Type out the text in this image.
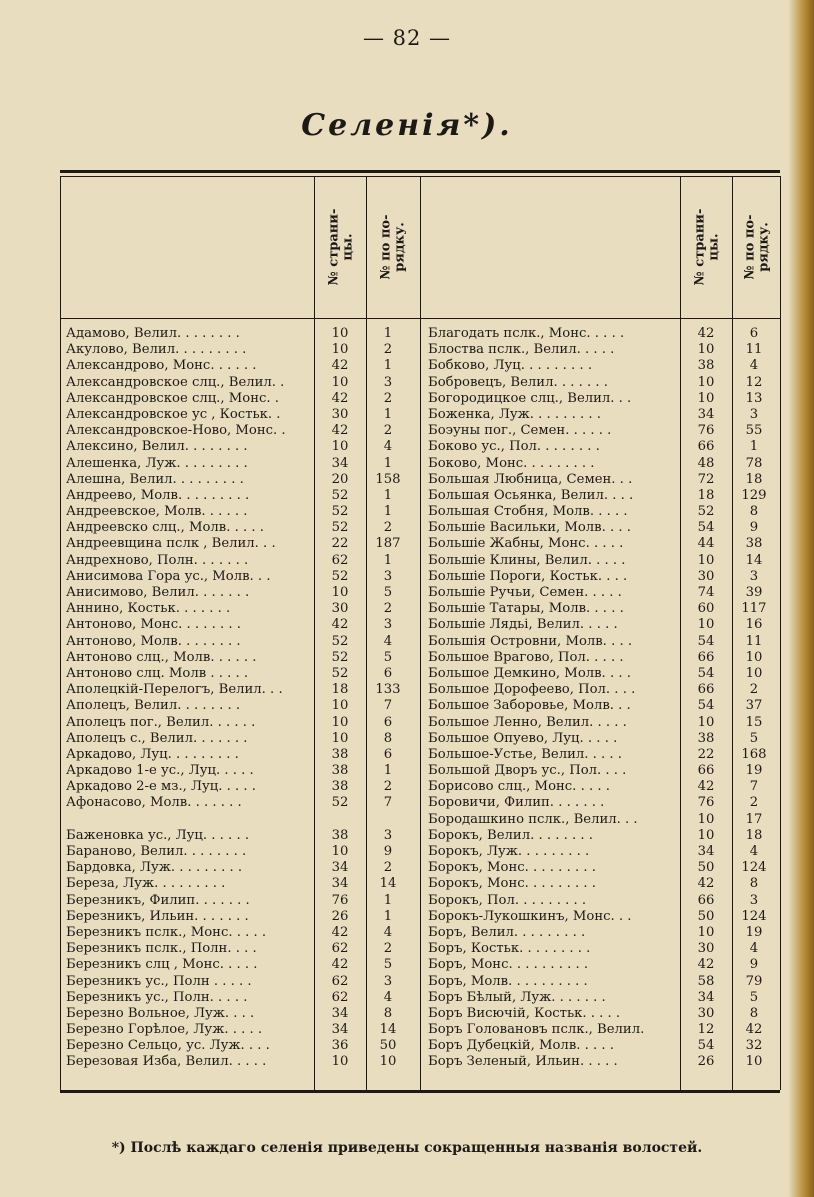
— 82 —
Селенія*).
№ страни-
цы.
№ по по-
рядку.
№ страни-
цы.
№ по по-
рядку.
Адамово, Велил. . . . . . . .
Акулово, Велил. . . . . . . . .
Александрово, Монс. . . . . .
Александровское слц., Велил. .
Александровское слц., Монс. .
Александровское ус , Костьк. .
Александровское-Ново, Монс. .
Алексино, Велил. . . . . . . .
Алешенка, Луж. . . . . . . . .
Алешна, Велил. . . . . . . . .
Андреево, Молв. . . . . . . . .
Андреевское, Молв. . . . . .
Андреевско слц., Молв. . . . .
Андреевщина пслк , Велил. . .
Андрехново, Полн. . . . . . .
Анисимова Гора ус., Молв. . .
Анисимово, Велил. . . . . . .
Аннино, Костьк. . . . . . .
Антоново, Монс. . . . . . . .
Антоново, Молв. . . . . . . .
Антоново слц., Молв. . . . . .
Антоново слц. Молв . . . . .
Аполецкій-Перелогъ, Велил. . .
Аполецъ, Велил. . . . . . . .
Аполецъ пог., Велил. . . . . .
Аполецъ с., Велил. . . . . . .
Аркадово, Луц. . . . . . . . .
Аркадово 1-е ус., Луц. . . . .
Аркадово 2-е мз., Луц. . . . .
Афонасово, Молв. . . . . . .
Баженовка ус., Луц. . . . . .
Бараново, Велил. . . . . . . .
Бардовка, Луж. . . . . . . . .
Береза, Луж. . . . . . . . .
Березникъ, Филип. . . . . . .
Березникъ, Ильин. . . . . . .
Березникъ пслк., Монс. . . . .
Березникъ пслк., Полн. . . .
Березникъ слц , Монс. . . . .
Березникъ ус., Полн . . . . .
Березникъ ус., Полн. . . . .
Березно Вольное, Луж. . . .
Березно Горѣлое, Луж. . . . .
Березно Сельцо, ус. Луж. . . .
Березовая Изба, Велил. . . . .
10
10
42
10
42
30
42
10
34
20
52
52
52
22
62
52
10
30
42
52
52
52
18
10
10
10
38
38
38
52
38
10
34
34
76
26
42
62
42
62
62
34
34
36
10
1
2
1
3
2
1
2
4
1
158
1
1
2
187
1
3
5
2
3
4
5
6
133
7
6
8
6
1
2
7
3
9
2
14
1
1
4
2
5
3
4
8
14
50
10
Благодать пслк., Монс. . . . .
Блоства пслк., Велил. . . . .
Бобково, Луц. . . . . . . . .
Бобровецъ, Велил. . . . . . .
Богородицкое слц., Велил. . .
Боженка, Луж. . . . . . . . .
Боэуны пог., Семен. . . . . .
Боково ус., Пол. . . . . . . .
Боково, Монс. . . . . . . . .
Большая Любница, Семен. . .
Большая Осьянка, Велил. . . .
Большая Стобня, Молв. . . . .
Большіе Васильки, Молв. . . .
Большіе Жабны, Монс. . . . .
Большіе Клины, Велил. . . . .
Большіе Пороги, Костьк. . . .
Большіе Ручьи, Семен. . . . .
Большіе Татары, Молв. . . . .
Большіе Лядьі, Велил. . . . .
Большія Островни, Молв. . . .
Большое Врагово, Пол. . . . .
Большое Демкино, Молв. . . .
Большое Дорофеево, Пол. . . .
Большое Заборовье, Молв. . .
Большое Ленно, Велил. . . . .
Большое Опуево, Луц. . . . .
Большое-Устье, Велил. . . . .
Большой Дворъ ус., Пол. . . .
Борисово слц., Монс. . . . .
Боровичи, Филип. . . . . . .
Бородашкино пслк., Велил. . .
Борокъ, Велил. . . . . . . .
Борокъ, Луж. . . . . . . . .
Борокъ, Монс. . . . . . . . .
Борокъ, Монс. . . . . . . . .
Борокъ, Пол. . . . . . . . .
Борокъ-Лукошкинъ, Монс. . .
Боръ, Велил. . . . . . . . .
Боръ, Костьк. . . . . . . . .
Боръ, Монс. . . . . . . . . .
Боръ, Молв. . . . . . . . . .
Боръ Бѣлый, Луж. . . . . . .
Боръ Висючій, Костьк. . . . .
Боръ Головановъ пслк., Велил.
Боръ Дубецкій, Молв. . . . .
Боръ Зеленый, Ильин. . . . .
42
10
38
10
10
34
76
66
48
72
18
52
54
44
10
30
74
60
10
54
66
54
66
54
10
38
22
66
42
76
10
10
34
50
42
66
50
10
30
42
58
34
30
12
54
26
6
11
4
12
13
3
55
1
78
18
129
8
9
38
14
3
39
117
16
11
10
10
2
37
15
5
168
19
7
2
17
18
4
124
8
3
124
19
4
9
79
5
8
42
32
10
*) Послѣ каждаго селенія приведены сокращенныя названія волостей.
